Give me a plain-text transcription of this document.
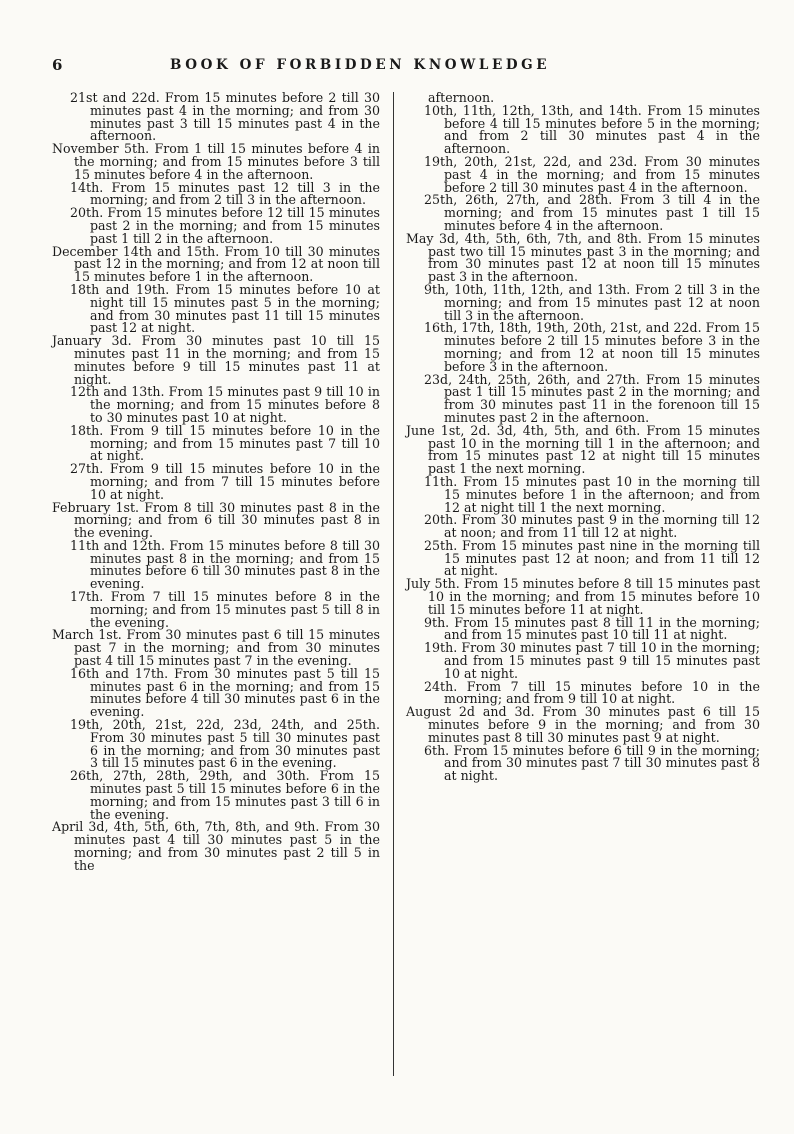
6	BOOK OF FORBIDDEN KNOWLEDGE

21st and 22d. From 15 minutes before 2 till 30 minutes past 4 in the morning; and from 30 minutes past 3 till 15 minutes past 4 in the afternoon.

November 5th. From 1 till 15 minutes before 4 in the morning; and from 15 minutes before 3 till 15 minutes before 4 in the afternoon.

14th. From 15 minutes past 12 till 3 in the morning; and from 2 till 3 in the afternoon.

20th. From 15 minutes before 12 till 15 minutes past 2 in the morning; and from 15 minutes past 1 till 2 in the afternoon.

December 14th and 15th. From 10 till 30 minutes past 12 in the morning; and from 12 at noon till 15 minutes before 1 in the afternoon.

18th and 19th. From 15 minutes before 10 at night till 15 minutes past 5 in the morning; and from 30 minutes past 11 till 15 minutes past 12 at night.

January 3d. From 30 minutes past 10 till 15 minutes past 11 in the morning; and from 15 minutes before 9 till 15 minutes past 11 at night.

12th and 13th. From 15 minutes past 9 till 10 in the morning; and from 15 minutes before 8 to 30 minutes past 10 at night.

18th. From 9 till 15 minutes before 10 in the morning; and from 15 minutes past 7 till 10 at night.

27th. From 9 till 15 minutes before 10 in the morning; and from 7 till 15 minutes before 10 at night.

February 1st. From 8 till 30 minutes past 8 in the morning; and from 6 till 30 minutes past 8 in the evening.

11th and 12th. From 15 minutes before 8 till 30 minutes past 8 in the morning; and from 15 minutes before 6 till 30 minutes past 8 in the evening.

17th. From 7 till 15 minutes before 8 in the morning; and from 15 minutes past 5 till 8 in the evening.

March 1st. From 30 minutes past 6 till 15 minutes past 7 in the morning; and from 30 minutes past 4 till 15 minutes past 7 in the evening.

16th and 17th. From 30 minutes past 5 till 15 minutes past 6 in the morning; and from 15 minutes before 4 till 30 minutes past 6 in the evening.

19th, 20th, 21st, 22d, 23d, 24th, and 25th. From 30 minutes past 5 till 30 minutes past 6 in the morning; and from 30 minutes past 3 till 15 minutes past 6 in the evening.

26th, 27th, 28th, 29th, and 30th. From 15 minutes past 5 till 15 minutes before 6 in the morning; and from 15 minutes past 3 till 6 in the evening.

April 3d, 4th, 5th, 6th, 7th, 8th, and 9th. From 30 minutes past 4 till 30 minutes past 5 in the morning; and from 30 minutes past 2 till 5 in the

afternoon.

10th, 11th, 12th, 13th, and 14th. From 15 minutes before 4 till 15 minutes before 5 in the morning; and from 2 till 30 minutes past 4 in the afternoon.

19th, 20th, 21st, 22d, and 23d. From 30 minutes past 4 in the morning; and from 15 minutes before 2 till 30 minutes past 4 in the afternoon.

25th, 26th, 27th, and 28th. From 3 till 4 in the morning; and from 15 minutes past 1 till 15 minutes before 4 in the afternoon.

May 3d, 4th, 5th, 6th, 7th, and 8th. From 15 minutes past two till 15 minutes past 3 in the morning; and from 30 minutes past 12 at noon till 15 minutes past 3 in the afternoon.

9th, 10th, 11th, 12th, and 13th. From 2 till 3 in the morning; and from 15 minutes past 12 at noon till 3 in the afternoon.

16th, 17th, 18th, 19th, 20th, 21st, and 22d. From 15 minutes before 2 till 15 minutes before 3 in the morning; and from 12 at noon till 15 minutes before 3 in the afternoon.

23d, 24th, 25th, 26th, and 27th. From 15 minutes past 1 till 15 minutes past 2 in the morning; and from 30 minutes past 11 in the forenoon till 15 minutes past 2 in the afternoon.

June 1st, 2d. 3d, 4th, 5th, and 6th. From 15 minutes past 10 in the morning till 1 in the afternoon; and from 15 minutes past 12 at night till 15 minutes past 1 the next morning.

11th. From 15 minutes past 10 in the morning till 15 minutes before 1 in the afternoon; and from 12 at night till 1 the next morning.

20th. From 30 minutes past 9 in the morning till 12 at noon; and from 11 till 12 at night.

25th. From 15 minutes past nine in the morning till 15 minutes past 12 at noon; and from 11 till 12 at night.

July 5th. From 15 minutes before 8 till 15 minutes past 10 in the morning; and from 15 minutes before 10 till 15 minutes before 11 at night.

9th. From 15 minutes past 8 till 11 in the morning; and from 15 minutes past 10 till 11 at night.

19th. From 30 minutes past 7 till 10 in the morning; and from 15 minutes past 9 till 15 minutes past 10 at night.

24th. From 7 till 15 minutes before 10 in the morning; and from 9 till 10 at night.

August 2d and 3d. From 30 minutes past 6 till 15 minutes before 9 in the morning; and from 30 minutes past 8 till 30 minutes past 9 at night.

6th. From 15 minutes before 6 till 9 in the morning; and from 30 minutes past 7 till 30 minutes past 8 at night.
